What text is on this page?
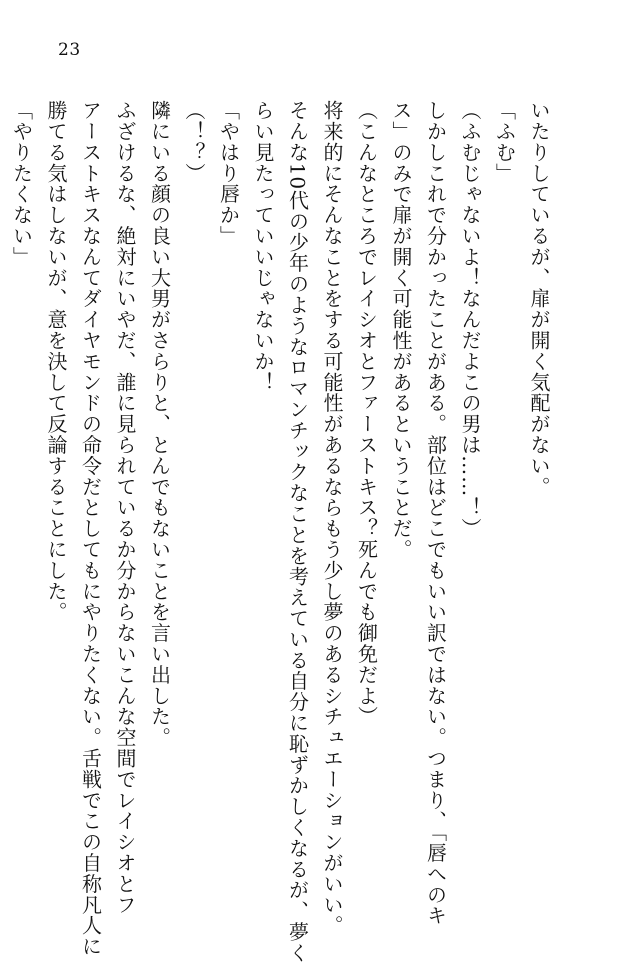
23
いたりしているが、扉が開く気配がない。
「ふむ」
（ふむじゃないよ！なんだよこの男は……！）
しかしこれで分かったことがある。部位はどこでもいい訳ではない。つまり、「唇へのキ
ス」のみで扉が開く可能性があるということだ。
（こんなところでレイシオとファーストキス？死んでも御免だよ）
将来的にそんなことをする可能性があるならもう少し夢のあるシチュエーションがいい。
そんな10代の少年のようなロマンチックなことを考えている自分に恥ずかしくなるが、夢く
らい見たっていいじゃないか！
「やはり唇か」
（！？）
隣にいる顔の良い大男がさらりと、とんでもないことを言い出した。
ふざけるな、絶対にいやだ、誰に見られているか分からないこんな空間でレイシオとフ
アーストキスなんてダイヤモンドの命令だとしてもにやりたくない。舌戦でこの自称凡人に
勝てる気はしないが、意を決して反論することにした。
「やりたくない」
